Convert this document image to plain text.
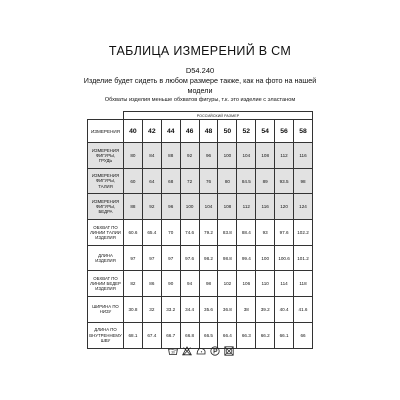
ТАБЛИЦА ИЗМЕРЕНИЙ В СМ
D54.240
Изделие будет сидеть в любом размере также, как на фото на нашей модели
Обхваты изделия меньше обхватов фигуры, т.к. это изделие с эластаном
	РОССИЙСКИЙ РАЗМЕР									
ИЗМЕРЕНИЯ	40	42	44	46	48	50	52	54	56	58
ИЗМЕРЕНИЯ ФИГУРЫ, ГРУДЬ	80	84	88	92	96	100	104	108	112	116
ИЗМЕРЕНИЯ ФИГУРЫ, ТАЛИЯ	60	64	68	72	76	80	84.5	89	93.5	98
ИЗМЕРЕНИЯ ФИГУРЫ, БЕДРА	88	92	96	100	104	108	112	116	120	124
ОБХВАТ ПО ЛИНИИ ТАЛИИ ИЗДЕЛИЯ	60.6	65.4	70	74.6	79.2	83.8	88.4	93	97.6	102.2
ДЛИНА ИЗДЕЛИЯ	97	97	97	97.6	98.2	98.8	99.4	100	100.6	101.2
ОБХВАТ ПО ЛИНИИ БЕДЕР ИЗДЕЛИЯ	82	86	90	94	98	102	106	110	114	118
ШИРИНА ПО НИЗУ	30.8	32	33.2	34.4	35.6	36.8	38	39.2	40.4	41.6
ДЛИНА ПО ВНУТРЕННЕМУ ШВУ	68.1	67.4	66.7	66.8	66.5	66.4	66.3	66.2	66.1	66
30
